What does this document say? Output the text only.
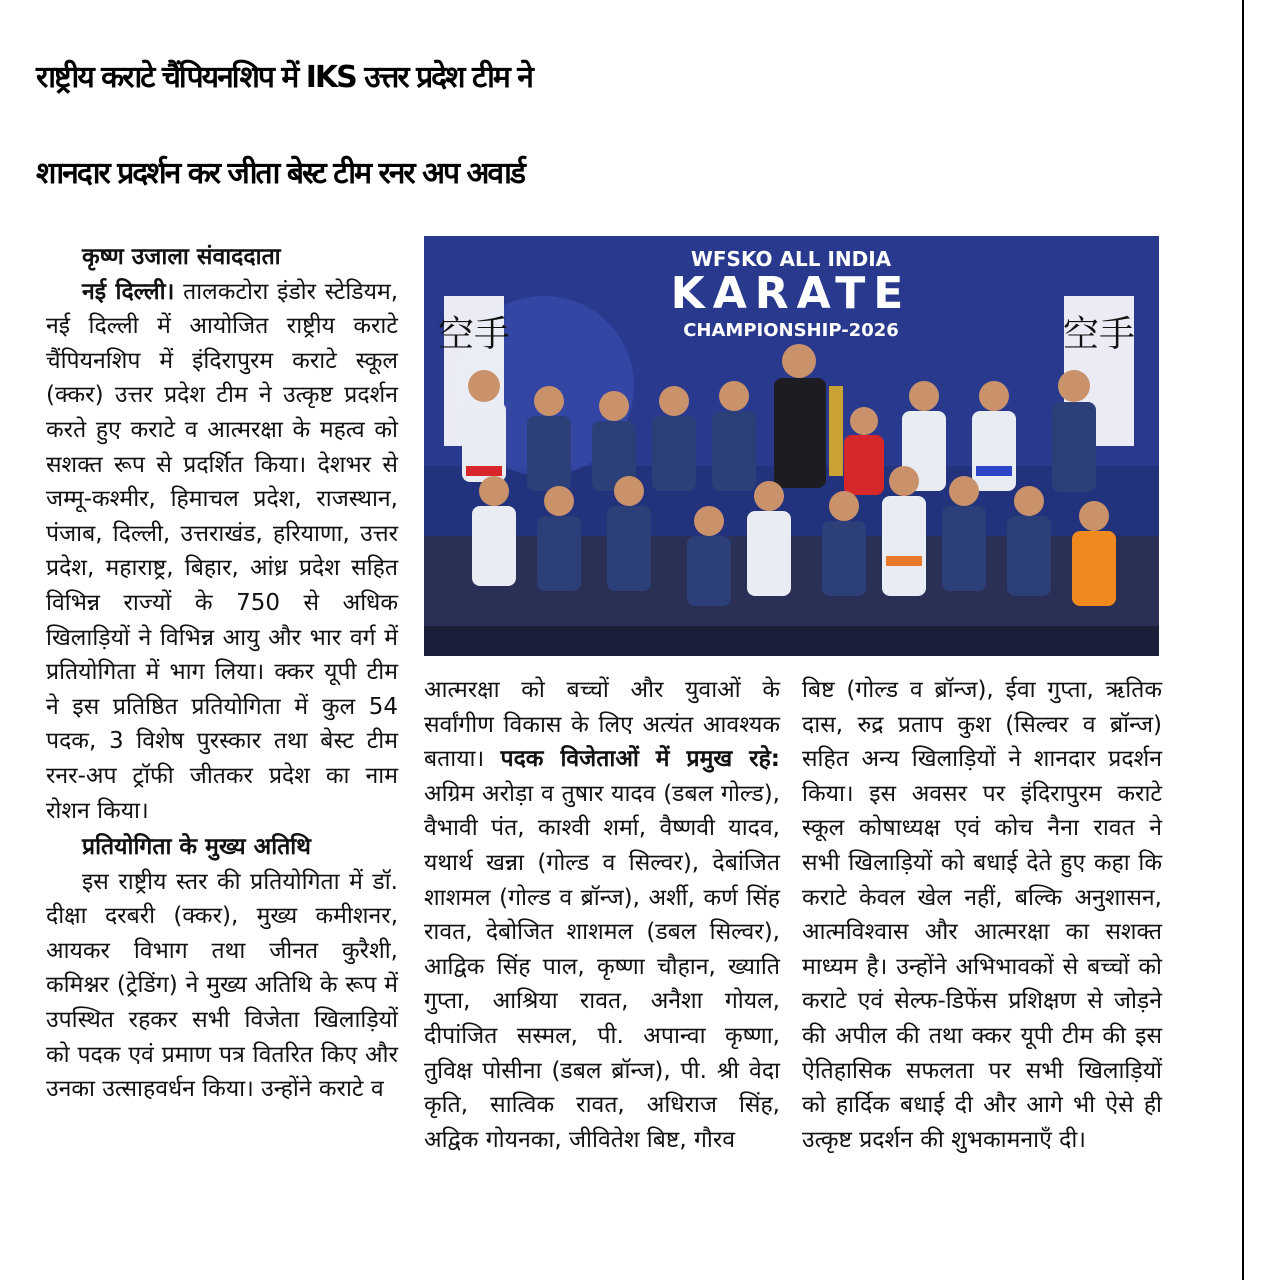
राष्ट्रीय कराटे चैंपियनशिप में IKS उत्तर प्रदेश टीम ने
शानदार प्रदर्शन कर जीता बेस्ट टीम रनर अप अवार्ड

कृष्ण उजाला संवाददाता

नई दिल्ली। तालकटोरा इंडोर स्टेडियम, नई दिल्ली में आयोजित राष्ट्रीय कराटे चैंपियनशिप में इंदिरापुरम कराटे स्कूल (क्कर) उत्तर प्रदेश टीम ने उत्कृष्ट प्रदर्शन करते हुए कराटे व आत्मरक्षा के महत्व को सशक्त रूप से प्रदर्शित किया। देशभर से जम्मू-कश्मीर, हिमाचल प्रदेश, राजस्थान, पंजाब, दिल्ली, उत्तराखंड, हरियाणा, उत्तर प्रदेश, महाराष्ट्र, बिहार, आंध्र प्रदेश सहित विभिन्न राज्यों के 750 से अधिक खिलाड़ियों ने विभिन्न आयु और भार वर्ग में प्रतियोगिता में भाग लिया। क्कर यूपी टीम ने इस प्रतिष्ठित प्रतियोगिता में कुल 54 पदक, 3 विशेष पुरस्कार तथा बेस्ट टीम रनर-अप ट्रॉफी जीतकर प्रदेश का नाम रोशन किया।

प्रतियोगिता के मुख्य अतिथि

इस राष्ट्रीय स्तर की प्रतियोगिता में डॉ. दीक्षा दरबरी (क्कर), मुख्य कमीशनर, आयकर विभाग तथा जीनत कुरैशी, कमिश्नर (ट्रेडिंग) ने मुख्य अतिथि के रूप में उपस्थित रहकर सभी विजेता खिलाड़ियों को पदक एवं प्रमाण पत्र वितरित किए और उनका उत्साहवर्धन किया। उन्होंने कराटे व

空手	空手
WFSKO ALL INDIA
KARATE
CHAMPIONSHIP-2026

आत्मरक्षा को बच्चों और युवाओं के सर्वांगीण विकास के लिए अत्यंत आवश्यक बताया। पदक विजेताओं में प्रमुख रहे: अग्रिम अरोड़ा व तुषार यादव (डबल गोल्ड), वैभावी पंत, काश्वी शर्मा, वैष्णवी यादव, यथार्थ खन्ना (गोल्ड व सिल्वर), देबांजित शाशमल (गोल्ड व ब्रॉन्ज), अर्शी, कर्ण सिंह रावत, देबोजित शाशमल (डबल सिल्वर), आद्विक सिंह पाल, कृष्णा चौहान, ख्याति गुप्ता, आश्रिया रावत, अनैशा गोयल, दीपांजित सस्मल, पी. अपान्वा कृष्णा, तुविक्ष पोसीना (डबल ब्रॉन्ज), पी. श्री वेदा कृति, सात्विक रावत, अधिराज सिंह, अद्विक गोयनका, जीवितेश बिष्ट, गौरव

बिष्ट (गोल्ड व ब्रॉन्ज), ईवा गुप्ता, ऋतिक दास, रुद्र प्रताप कुश (सिल्वर व ब्रॉन्ज) सहित अन्य खिलाड़ियों ने शानदार प्रदर्शन किया। इस अवसर पर इंदिरापुरम कराटे स्कूल कोषाध्यक्ष एवं कोच नैना रावत ने सभी खिलाड़ियों को बधाई देते हुए कहा कि कराटे केवल खेल नहीं, बल्कि अनुशासन, आत्मविश्वास और आत्मरक्षा का सशक्त माध्यम है। उन्होंने अभिभावकों से बच्चों को कराटे एवं सेल्फ-डिफेंस प्रशिक्षण से जोड़ने की अपील की तथा क्कर यूपी टीम की इस ऐतिहासिक सफलता पर सभी खिलाड़ियों को हार्दिक बधाई दी और आगे भी ऐसे ही उत्कृष्ट प्रदर्शन की शुभकामनाएँ दी।
